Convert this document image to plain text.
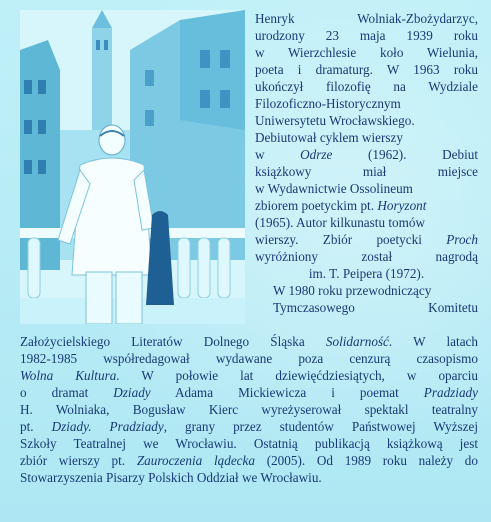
Henryk Wolniak-Zbożydarzyc,
urodzony 23 maja 1939 roku
w Wierzchlesie koło Wielunia,
poeta i dramaturg. W 1963 roku
ukończył filozofię na Wydziale
Filozoficzno-Historycznym
Uniwersytetu Wrocławskiego.
Debiutował cyklem wierszy
w Odrze (1962). Debiut
książkowy miał miejsce
w Wydawnictwie Ossolineum
zbiorem poetyckim pt. Horyzont
(1965). Autor kilkunastu tomów
wierszy. Zbiór poetycki Proch
wyróżniony został nagrodą
im. T. Peipera (1972).
W 1980 roku przewodniczący
Tymczasowego Komitetu
Założycielskiego Literatów Dolnego Śląska Solidarność. W latach
1982-1985 współredagował wydawane poza cenzurą czasopismo
Wolna Kultura. W połowie lat dziewięćdziesiątych, w oparciu
o dramat Dziady Adama Mickiewicza i poemat Pradziady
H. Wolniaka, Bogusław Kierc wyreżyserował spektakl teatralny
pt. Dziady. Pradziady, grany przez studentów Państwowej Wyższej
Szkoły Teatralnej we Wrocławiu. Ostatnią publikacją książkową jest
zbiór wierszy pt. Zauroczenia lądecka (2005). Od 1989 roku należy do
Stowarzyszenia Pisarzy Polskich Oddział we Wrocławiu.
